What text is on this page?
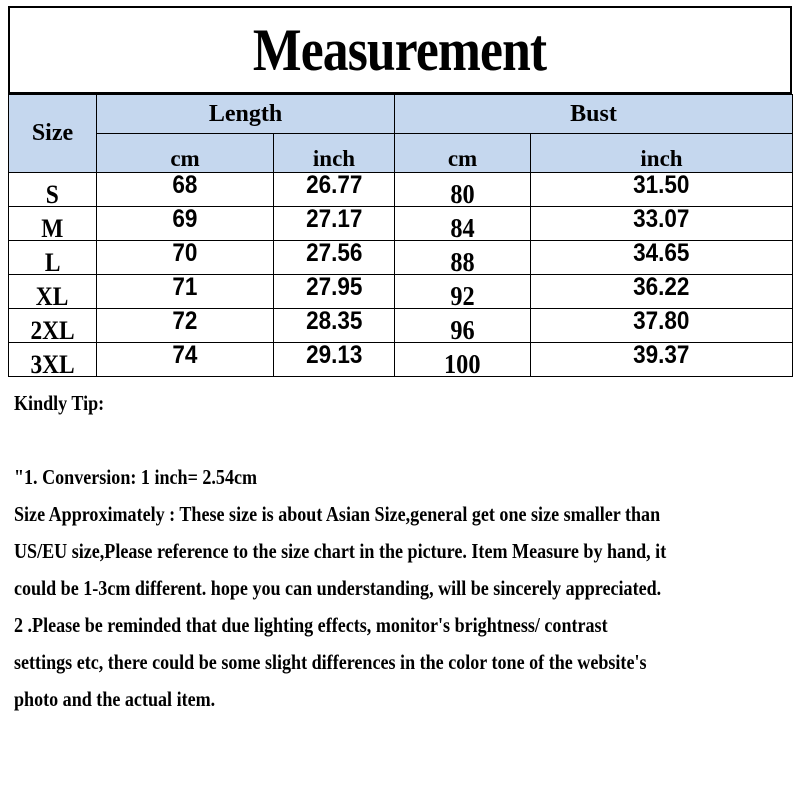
Measurement
Size	Length		Bust	
	cm	inch	cm	inch
S	68	26.77	80	31.50
M	69	27.17	84	33.07
L	70	27.56	88	34.65
XL	71	27.95	92	36.22
2XL	72	28.35	96	37.80
3XL	74	29.13	100	39.37

Kindly Tip:

"1. Conversion: 1 inch= 2.54cm

Size Approximately : These size is about Asian Size,general get one size smaller than

US/EU size,Please reference to the size chart in the picture. Item Measure by hand, it

could be 1-3cm different. hope you can understanding, will be sincerely appreciated.

2 .Please be reminded that due lighting effects, monitor's brightness/ contrast

settings etc, there could be some slight differences in the color tone of the website's

photo and the actual item.
